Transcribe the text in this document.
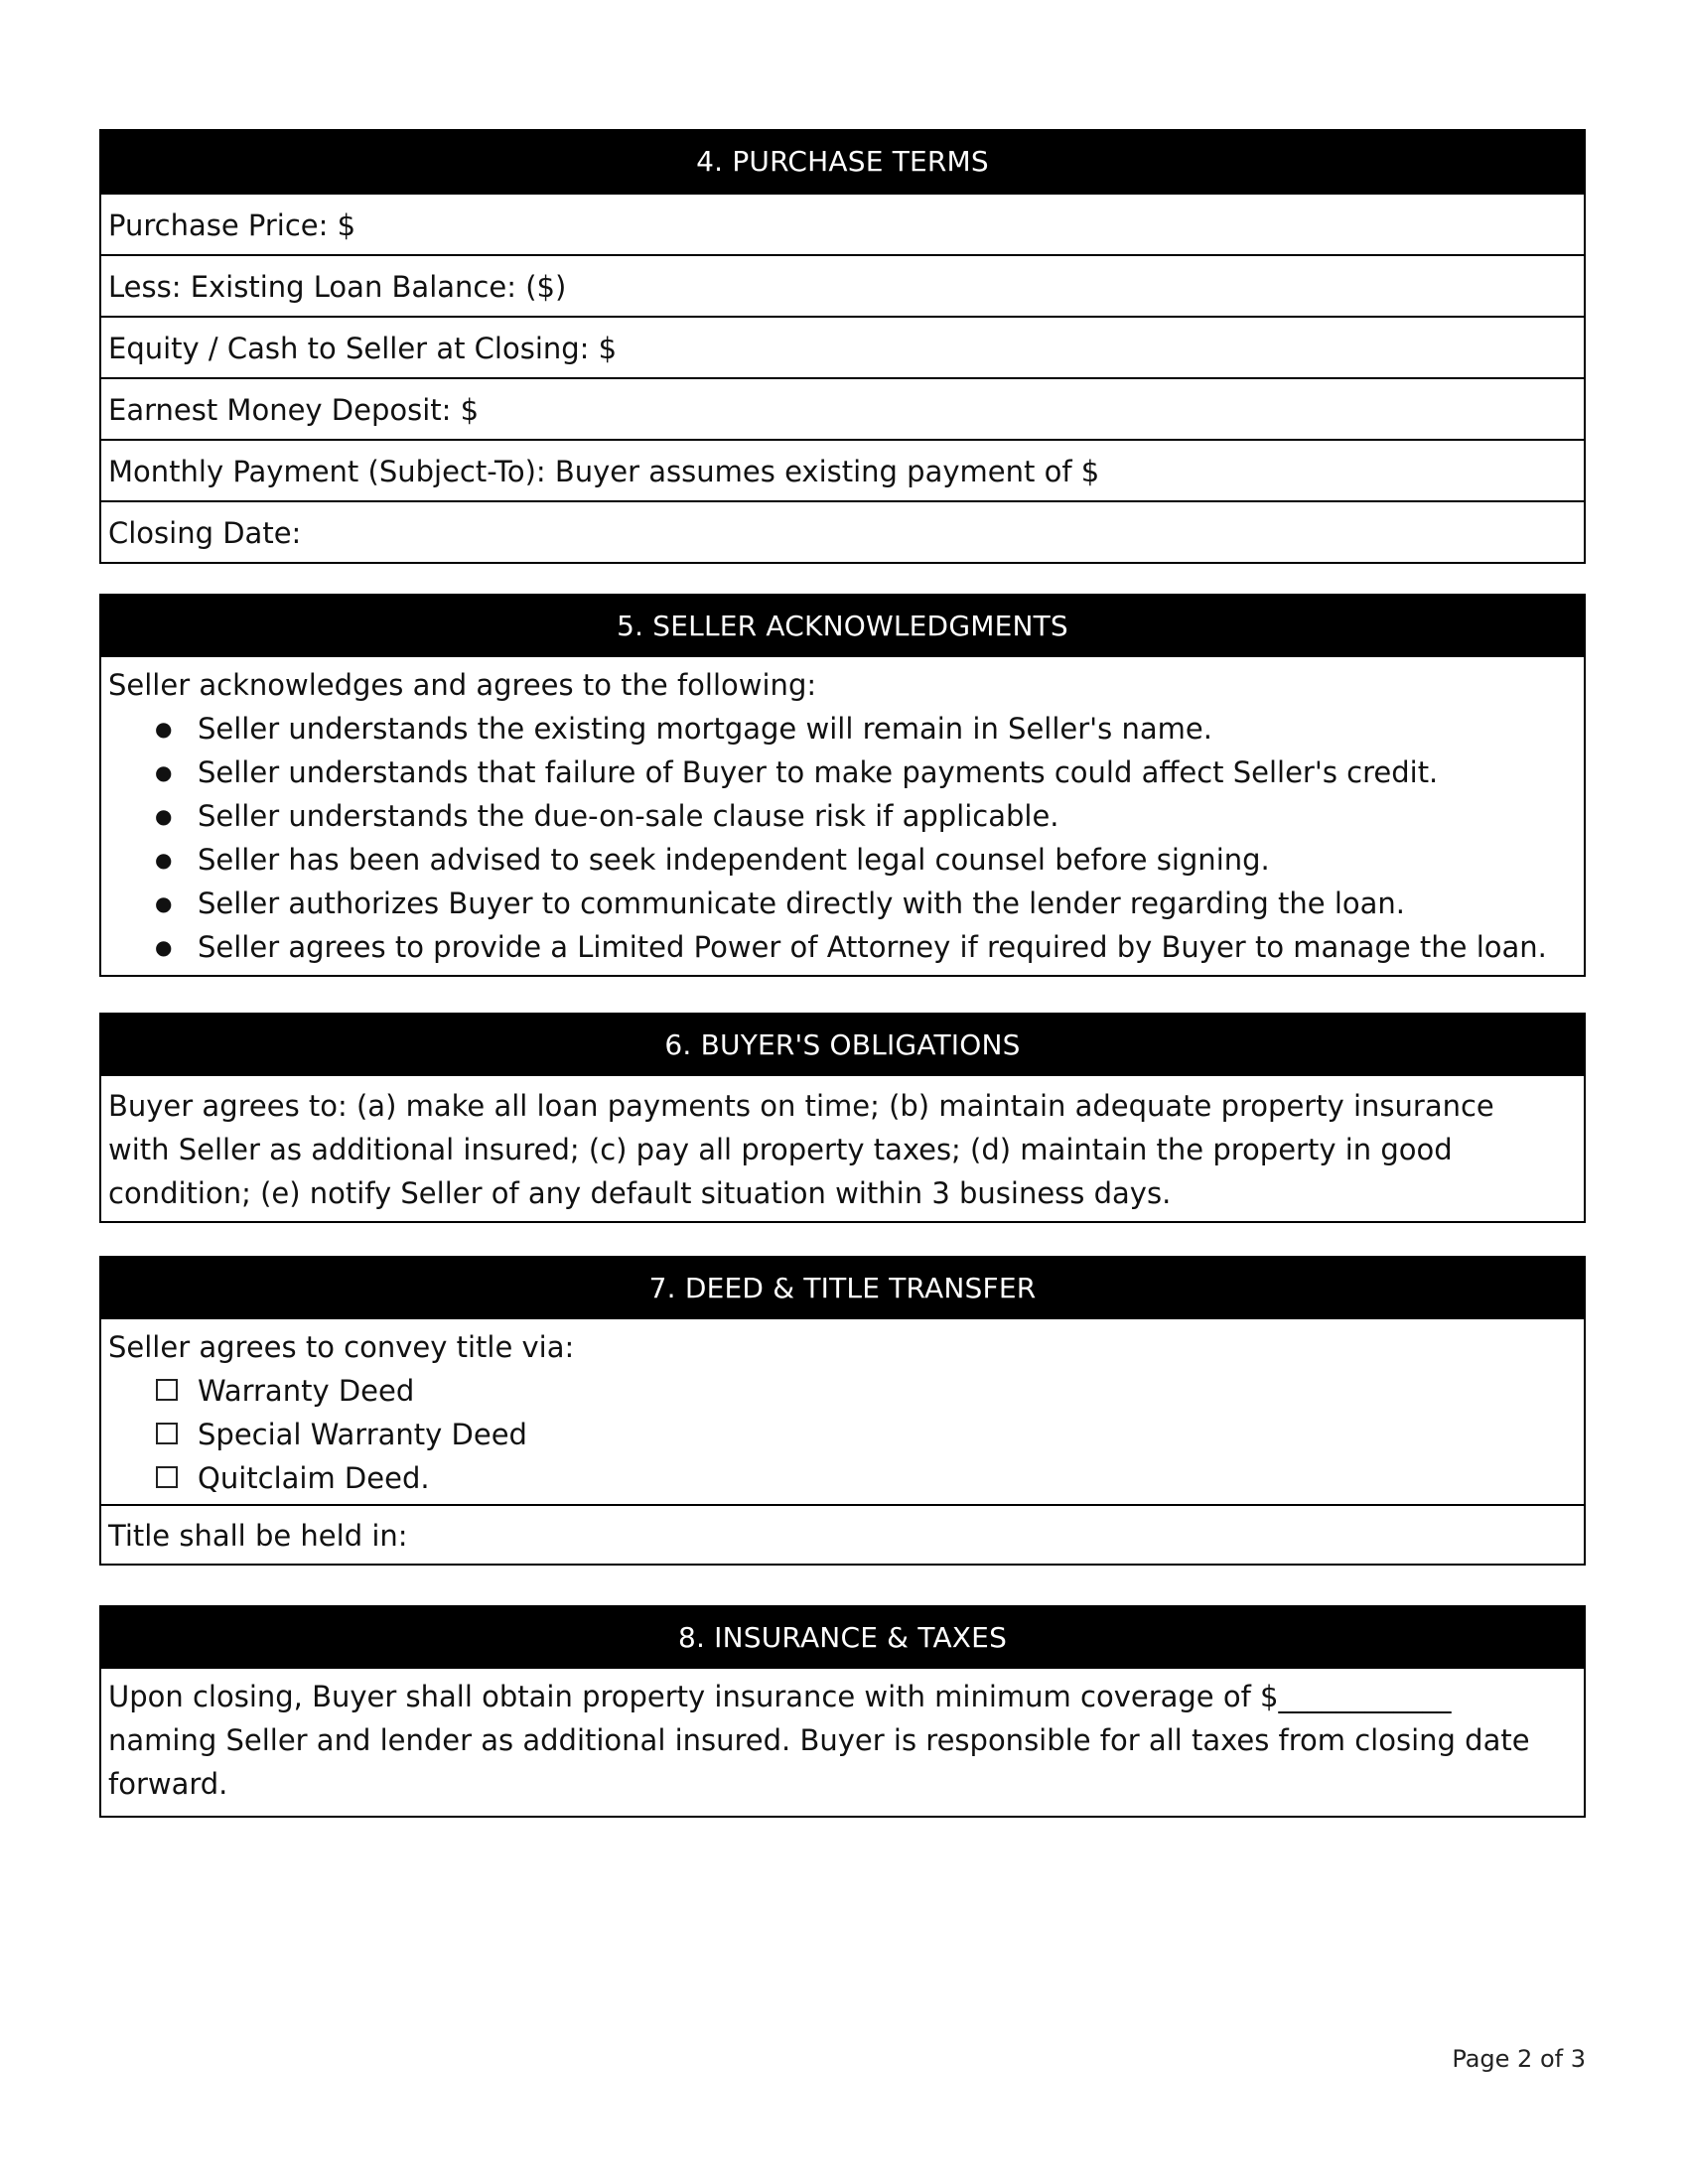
4. PURCHASE TERMS
Purchase Price: $
Less: Existing Loan Balance: ($)
Equity / Cash to Seller at Closing: $
Earnest Money Deposit: $
Monthly Payment (Subject-To): Buyer assumes existing payment of $
Closing Date:
5. SELLER ACKNOWLEDGMENTS
Seller acknowledges and agrees to the following:
● Seller understands the existing mortgage will remain in Seller's name.
● Seller understands that failure of Buyer to make payments could affect Seller's credit.
● Seller understands the due-on-sale clause risk if applicable.
● Seller has been advised to seek independent legal counsel before signing.
● Seller authorizes Buyer to communicate directly with the lender regarding the loan.
● Seller agrees to provide a Limited Power of Attorney if required by Buyer to manage the loan.
6. BUYER'S OBLIGATIONS
Buyer agrees to: (a) make all loan payments on time; (b) maintain adequate property insurance with Seller as additional insured; (c) pay all property taxes; (d) maintain the property in good condition; (e) notify Seller of any default situation within 3 business days.
7. DEED & TITLE TRANSFER
Seller agrees to convey title via:
Warranty Deed
Special Warranty Deed
Quitclaim Deed.
Title shall be held in:
8. INSURANCE & TAXES
Upon closing, Buyer shall obtain property insurance with minimum coverage of $____________ naming Seller and lender as additional insured. Buyer is responsible for all taxes from closing date forward.
Page 2 of 3
